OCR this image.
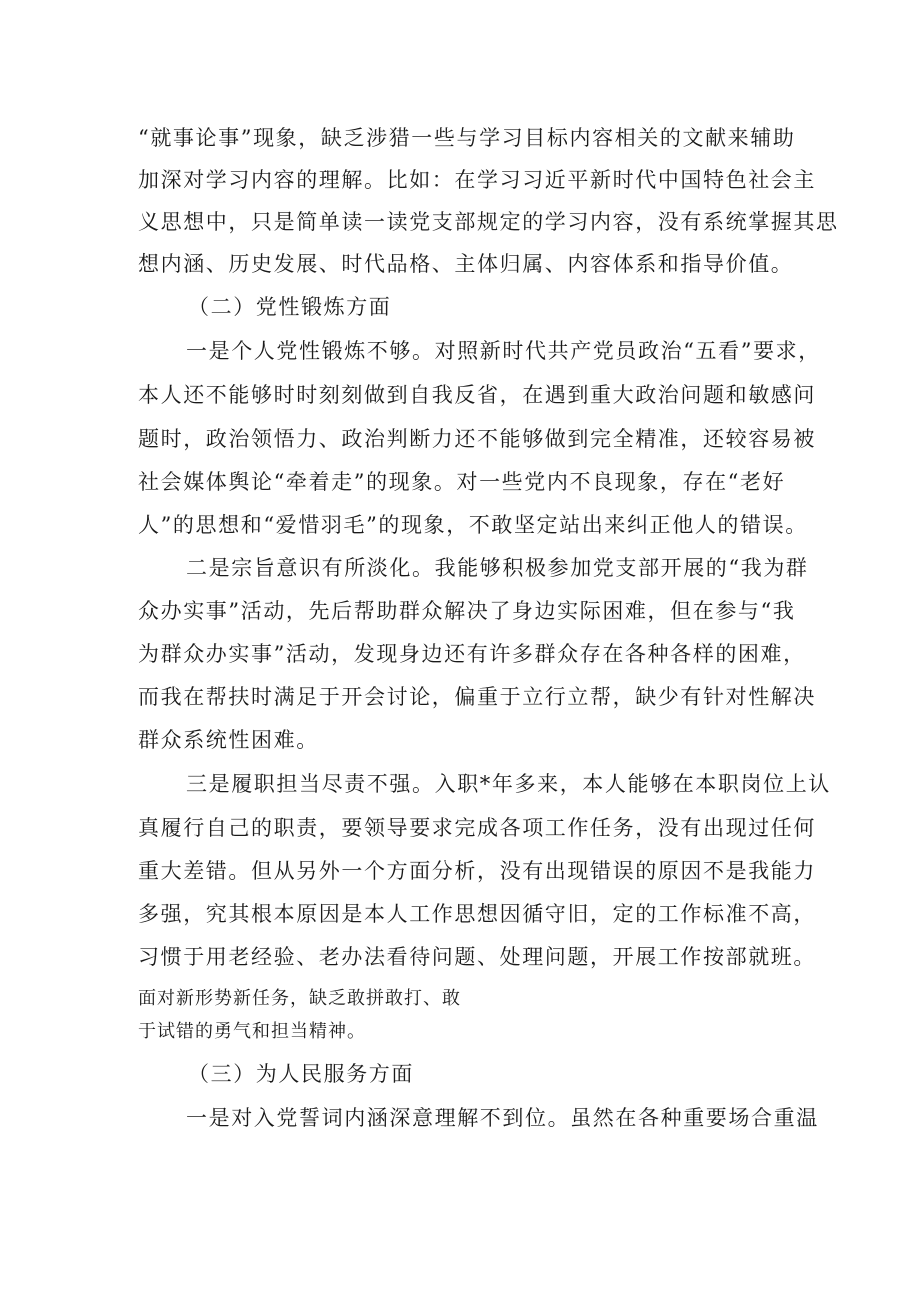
“就事论事”现象，缺乏涉猎一些与学习目标内容相关的文献来辅助
加深对学习内容的理解。比如：在学习习近平新时代中国特色社会主
义思想中，只是简单读一读党支部规定的学习内容，没有系统掌握其思
想内涵、历史发展、时代品格、主体归属、内容体系和指导价值。
（二）党性锻炼方面
一是个人党性锻炼不够。对照新时代共产党员政治“五看”要求，
本人还不能够时时刻刻做到自我反省，在遇到重大政治问题和敏感问
题时，政治领悟力、政治判断力还不能够做到完全精准，还较容易被
社会媒体舆论“牵着走”的现象。对一些党内不良现象，存在“老好
人”的思想和“爱惜羽毛”的现象，不敢坚定站出来纠正他人的错误。
二是宗旨意识有所淡化。我能够积极参加党支部开展的“我为群
众办实事”活动，先后帮助群众解决了身边实际困难，但在参与“我
为群众办实事”活动，发现身边还有许多群众存在各种各样的困难，
而我在帮扶时满足于开会讨论，偏重于立行立帮，缺少有针对性解决
群众系统性困难。
三是履职担当尽责不强。入职*年多来，本人能够在本职岗位上认
真履行自己的职责，要领导要求完成各项工作任务，没有出现过任何
重大差错。但从另外一个方面分析，没有出现错误的原因不是我能力
多强，究其根本原因是本人工作思想因循守旧，定的工作标准不高，
习惯于用老经验、老办法看待问题、处理问题，开展工作按部就班。
面对新形势新任务，缺乏敢拼敢打、敢
于试错的勇气和担当精神。
（三）为人民服务方面
一是对入党誓词内涵深意理解不到位。虽然在各种重要场合重温
